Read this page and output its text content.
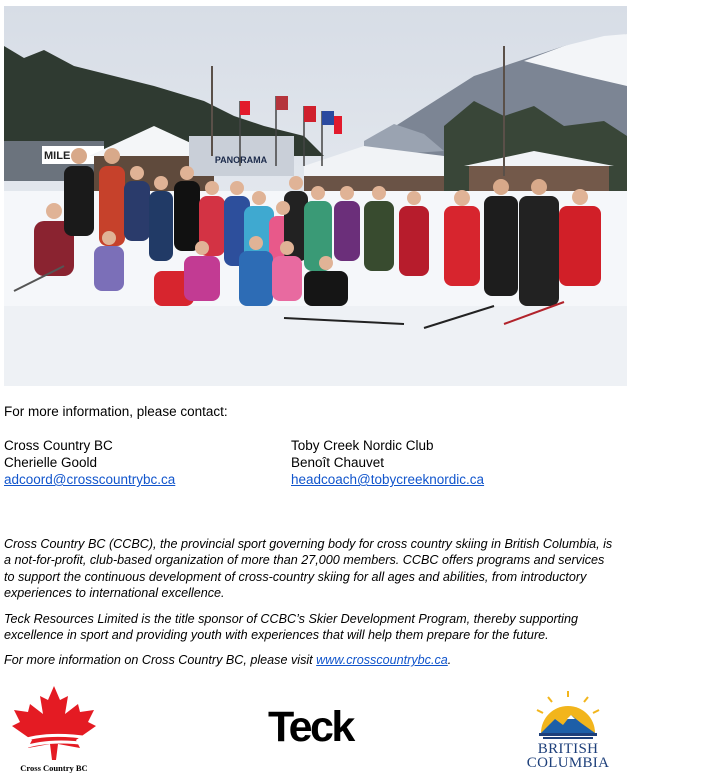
MILE	PANORAMA
For more information, please contact:
Cross Country BC
Cherielle Goold
adcoord@crosscountrybc.ca
Toby Creek Nordic Club
Benoît Chauvet
headcoach@tobycreeknordic.ca

Cross Country BC (CCBC), the provincial sport governing body for cross country skiing in British Columbia, is a not-for-profit, club-based organization of more than 27,000 members. CCBC offers programs and services to support the continuous development of cross-country skiing for all ages and abilities, from introductory experiences to international excellence.

Teck Resources Limited is the title sponsor of CCBC’s Skier Development Program, thereby supporting excellence in sport and providing youth with experiences that will help them prepare for the future.

For more information on Cross Country BC, please visit www.crosscountrybc.ca.

Cross Country BC
Teck	BRITISH
COLUMBIA
